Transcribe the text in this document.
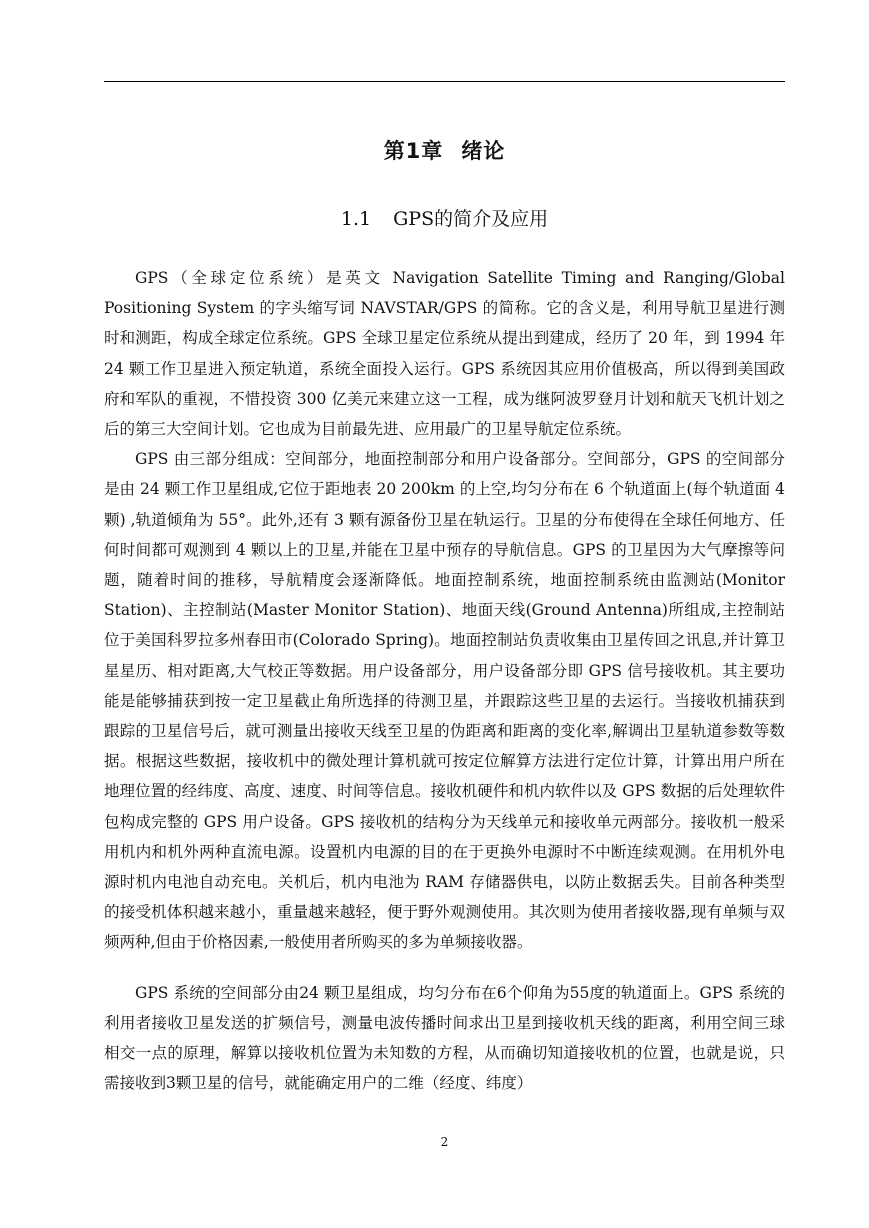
第1章 绪论
1.1 GPS的简介及应用

GPS（全球定位系统）是英文 Navigation Satellite Timing and Ranging/Global Positioning System 的字头缩写词 NAVSTAR/GPS 的简称。它的含义是，利用导航卫星进行测时和测距，构成全球定位系统。GPS 全球卫星定位系统从提出到建成，经历了 20 年，到 1994 年 24 颗工作卫星进入预定轨道，系统全面投入运行。GPS 系统因其应用价值极高，所以得到美国政府和军队的重视，不惜投资 300 亿美元来建立这一工程，成为继阿波罗登月计划和航天飞机计划之后的第三大空间计划。它也成为目前最先进、应用最广的卫星导航定位系统。

GPS 由三部分组成：空间部分，地面控制部分和用户设备部分。空间部分，GPS 的空间部分是由 24 颗工作卫星组成,它位于距地表 20 200km 的上空,均匀分布在 6 个轨道面上(每个轨道面 4 颗) ,轨道倾角为 55°。此外,还有 3 颗有源备份卫星在轨运行。卫星的分布使得在全球任何地方、任何时间都可观测到 4 颗以上的卫星,并能在卫星中预存的导航信息。GPS 的卫星因为大气摩擦等问题，随着时间的推移，导航精度会逐渐降低。地面控制系统，地面控制系统由监测站(Monitor Station)、主控制站(Master Monitor Station)、地面天线(Ground Antenna)所组成,主控制站位于美国科罗拉多州春田市(Colorado Spring)。地面控制站负责收集由卫星传回之讯息,并计算卫星星历、相对距离,大气校正等数据。用户设备部分，用户设备部分即 GPS 信号接收机。其主要功能是能够捕获到按一定卫星截止角所选择的待测卫星，并跟踪这些卫星的去运行。当接收机捕获到跟踪的卫星信号后，就可测量出接收天线至卫星的伪距离和距离的变化率,解调出卫星轨道参数等数据。根据这些数据，接收机中的微处理计算机就可按定位解算方法进行定位计算，计算出用户所在地理位置的经纬度、高度、速度、时间等信息。接收机硬件和机内软件以及 GPS 数据的后处理软件包构成完整的 GPS 用户设备。GPS 接收机的结构分为天线单元和接收单元两部分。接收机一般采用机内和机外两种直流电源。设置机内电源的目的在于更换外电源时不中断连续观测。在用机外电源时机内电池自动充电。关机后，机内电池为 RAM 存储器供电，以防止数据丢失。目前各种类型的接受机体积越来越小，重量越来越轻，便于野外观测使用。其次则为使用者接收器,现有单频与双频两种,但由于价格因素,一般使用者所购买的多为单频接收器。

GPS 系统的空间部分由24 颗卫星组成，均匀分布在6个仰角为55度的轨道面上。GPS 系统的利用者接收卫星发送的扩频信号，测量电波传播时间求出卫星到接收机天线的距离，利用空间三球相交一点的原理，解算以接收机位置为未知数的方程，从而确切知道接收机的位置，也就是说，只需接收到3颗卫星的信号，就能确定用户的二维（经度、纬度）

2
